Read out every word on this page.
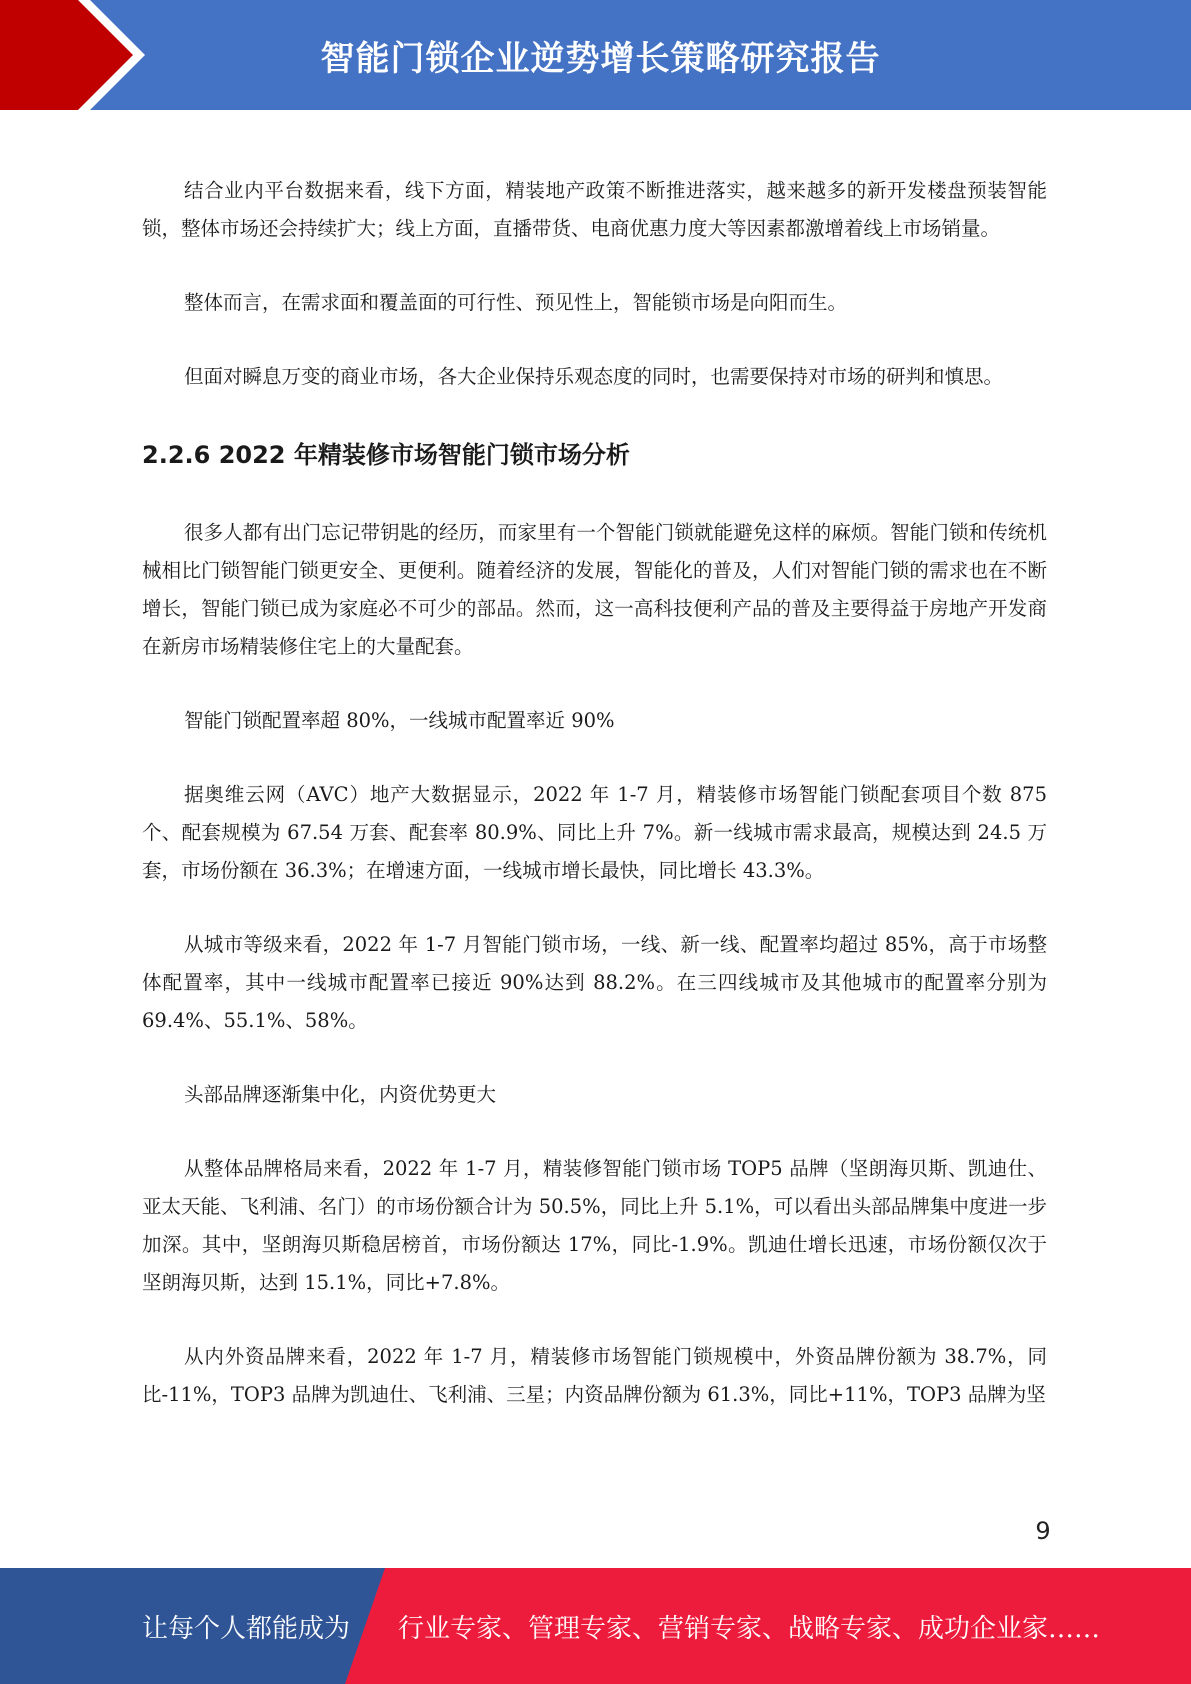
智能门锁企业逆势增长策略研究报告

结合业内平台数据来看，线下方面，精装地产政策不断推进落实，越来越多的新开发楼盘预装智能锁，整体市场还会持续扩大；线上方面，直播带货、电商优惠力度大等因素都激增着线上市场销量。

整体而言，在需求面和覆盖面的可行性、预见性上，智能锁市场是向阳而生。

但面对瞬息万变的商业市场，各大企业保持乐观态度的同时，也需要保持对市场的研判和慎思。

2.2.6 2022 年精装修市场智能门锁市场分析

很多人都有出门忘记带钥匙的经历，而家里有一个智能门锁就能避免这样的麻烦。智能门锁和传统机械相比门锁智能门锁更安全、更便利。随着经济的发展，智能化的普及，人们对智能门锁的需求也在不断增长，智能门锁已成为家庭必不可少的部品。然而，这一高科技便利产品的普及主要得益于房地产开发商在新房市场精装修住宅上的大量配套。

智能门锁配置率超 80%，一线城市配置率近 90%

据奥维云网（AVC）地产大数据显示，2022 年 1-7 月，精装修市场智能门锁配套项目个数 875 个、配套规模为 67.54 万套、配套率 80.9%、同比上升 7%。新一线城市需求最高，规模达到 24.5 万套，市场份额在 36.3%；在增速方面，一线城市增长最快，同比增长 43.3%。

从城市等级来看，2022 年 1-7 月智能门锁市场，一线、新一线、配置率均超过 85%，高于市场整体配置率，其中一线城市配置率已接近 90%达到 88.2%。在三四线城市及其他城市的配置率分别为 69.4%、55.1%、58%。

头部品牌逐渐集中化，内资优势更大

从整体品牌格局来看，2022 年 1-7 月，精装修智能门锁市场 TOP5 品牌（坚朗海贝斯、凯迪仕、亚太天能、飞利浦、名门）的市场份额合计为 50.5%，同比上升 5.1%，可以看出头部品牌集中度进一步加深。其中，坚朗海贝斯稳居榜首，市场份额达 17%，同比-1.9%。凯迪仕增长迅速，市场份额仅次于坚朗海贝斯，达到 15.1%，同比+7.8%。

从内外资品牌来看，2022 年 1-7 月，精装修市场智能门锁规模中，外资品牌份额为 38.7%，同比-11%，TOP3 品牌为凯迪仕、飞利浦、三星；内资品牌份额为 61.3%，同比+11%，TOP3 品牌为坚

9
让每个人都能成为 行业专家、管理专家、营销专家、战略专家、成功企业家……
